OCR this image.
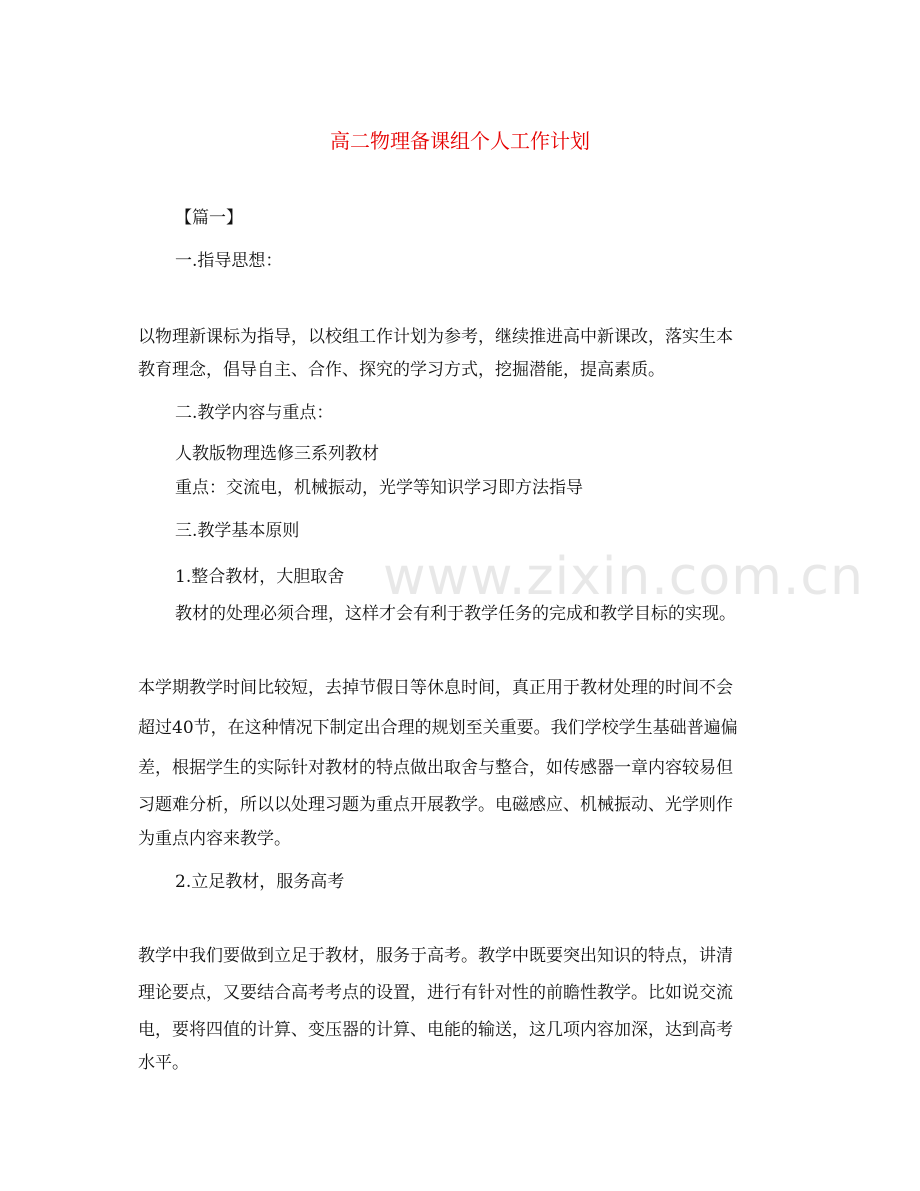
高二物理备课组个人工作计划
【篇一】
一.指导思想：
以物理新课标为指导，以校组工作计划为参考，继续推进高中新课改，落实生本
教育理念，倡导自主、合作、探究的学习方式，挖掘潜能，提高素质。
二.教学内容与重点：
人教版物理选修三系列教材
重点：交流电，机械振动，光学等知识学习即方法指导
三.教学基本原则
1.整合教材，大胆取舍
教材的处理必须合理，这样才会有利于教学任务的完成和教学目标的实现。
本学期教学时间比较短，去掉节假日等休息时间，真正用于教材处理的时间不会
超过40节，在这种情况下制定出合理的规划至关重要。我们学校学生基础普遍偏
差，根据学生的实际针对教材的特点做出取舍与整合，如传感器一章内容较易但
习题难分析，所以以处理习题为重点开展教学。电磁感应、机械振动、光学则作
为重点内容来教学。
2.立足教材，服务高考
教学中我们要做到立足于教材，服务于高考。教学中既要突出知识的特点，讲清
理论要点，又要结合高考考点的设置，进行有针对性的前瞻性教学。比如说交流
电，要将四值的计算、变压器的计算、电能的输送，这几项内容加深，达到高考
水平。
www.zixin.com.cn
